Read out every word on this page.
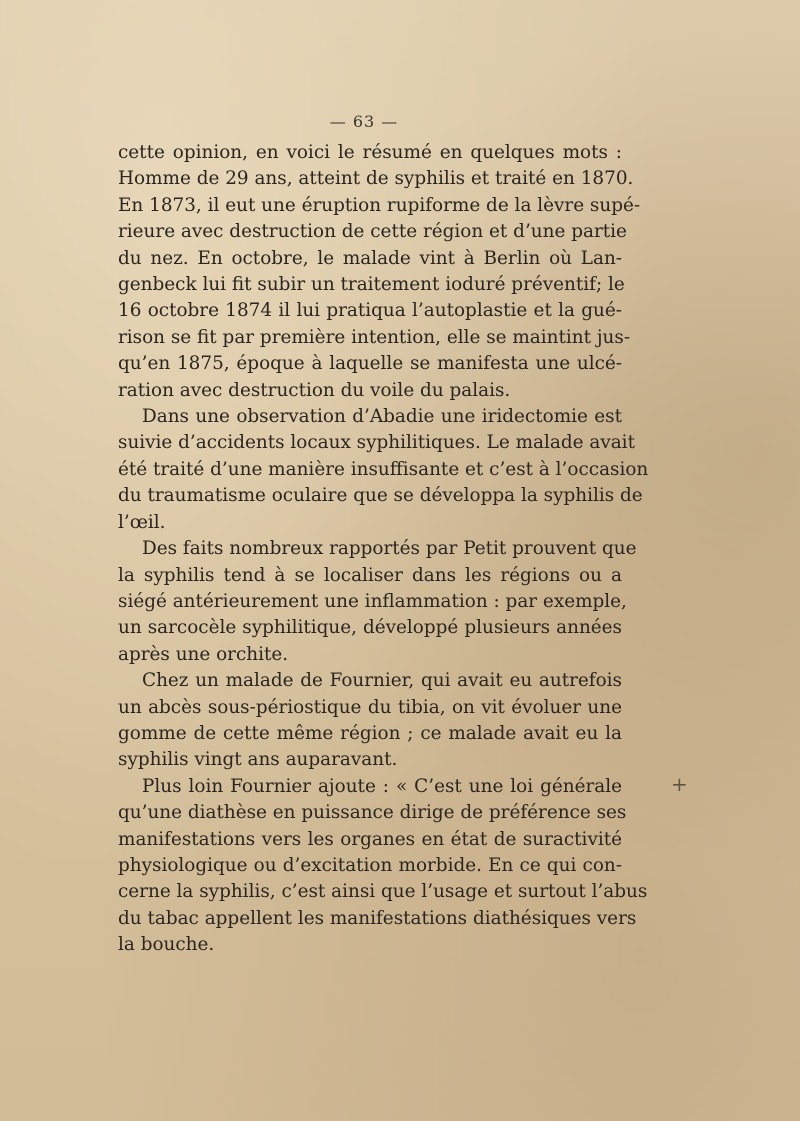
— 63 —
cette opinion, en voici le résumé en quelques mots :
Homme de 29 ans, atteint de syphilis et traité en 1870.
En 1873, il eut une éruption rupiforme de la lèvre supé-
rieure avec destruction de cette région et d’une partie
du nez. En octobre, le malade vint à Berlin où Lan-
genbeck lui fit subir un traitement ioduré préventif; le
16 octobre 1874 il lui pratiqua l’autoplastie et la gué-
rison se fit par première intention, elle se maintint jus-
qu’en 1875, époque à laquelle se manifesta une ulcé-
ration avec destruction du voile du palais.
Dans une observation d’Abadie une iridectomie est
suivie d’accidents locaux syphilitiques. Le malade avait
été traité d’une manière insuffisante et c’est à l’occasion
du traumatisme oculaire que se développa la syphilis de
l’œil.
Des faits nombreux rapportés par Petit prouvent que
la syphilis tend à se localiser dans les régions ou a
siégé antérieurement une inflammation : par exemple,
un sarcocèle syphilitique, développé plusieurs années
après une orchite.
Chez un malade de Fournier, qui avait eu autrefois
un abcès sous-périostique du tibia, on vit évoluer une
gomme de cette même région ; ce malade avait eu la
syphilis vingt ans auparavant.
Plus loin Fournier ajoute : « C’est une loi générale
qu’une diathèse en puissance dirige de préférence ses
manifestations vers les organes en état de suractivité
physiologique ou d’excitation morbide. En ce qui con-
cerne la syphilis, c’est ainsi que l’usage et surtout l’abus
du tabac appellent les manifestations diathésiques vers
la bouche.
+
